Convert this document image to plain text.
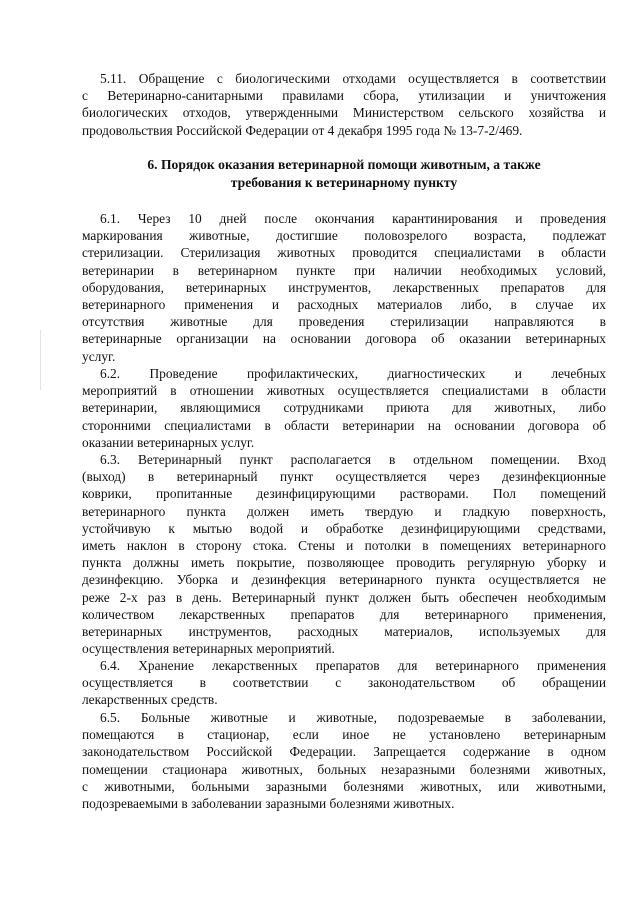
5.11. Обращение с биологическими отходами осуществляется в соответствии
с Ветеринарно-санитарными правилами сбора, утилизации и уничтожения
биологических отходов, утвержденными Министерством сельского хозяйства и
продовольствия Российской Федерации от 4 декабря 1995 года № 13-7-2/469.
6. Порядок оказания ветеринарной помощи животным, а также
требования к ветеринарному пункту
6.1. Через 10 дней после окончания карантинирования и проведения
маркирования животные, достигшие половозрелого возраста, подлежат
стерилизации. Стерилизация животных проводится специалистами в области
ветеринарии в ветеринарном пункте при наличии необходимых условий,
оборудования, ветеринарных инструментов, лекарственных препаратов для
ветеринарного применения и расходных материалов либо, в случае их
отсутствия животные для проведения стерилизации направляются в
ветеринарные организации на основании договора об оказании ветеринарных
услуг.
6.2. Проведение профилактических, диагностических и лечебных
мероприятий в отношении животных осуществляется специалистами в области
ветеринарии, являющимися сотрудниками приюта для животных, либо
сторонними специалистами в области ветеринарии на основании договора об
оказании ветеринарных услуг.
6.3. Ветеринарный пункт располагается в отдельном помещении. Вход
(выход) в ветеринарный пункт осуществляется через дезинфекционные
коврики, пропитанные дезинфицирующими растворами. Пол помещений
ветеринарного пункта должен иметь твердую и гладкую поверхность,
устойчивую к мытью водой и обработке дезинфицирующими средствами,
иметь наклон в сторону стока. Стены и потолки в помещениях ветеринарного
пункта должны иметь покрытие, позволяющее проводить регулярную уборку и
дезинфекцию. Уборка и дезинфекция ветеринарного пункта осуществляется не
реже 2-х раз в день. Ветеринарный пункт должен быть обеспечен необходимым
количеством лекарственных препаратов для ветеринарного применения,
ветеринарных инструментов, расходных материалов, используемых для
осуществления ветеринарных мероприятий.
6.4. Хранение лекарственных препаратов для ветеринарного применения
осуществляется в соответствии с законодательством об обращении
лекарственных средств.
6.5. Больные животные и животные, подозреваемые в заболевании,
помещаются в стационар, если иное не установлено ветеринарным
законодательством Российской Федерации. Запрещается содержание в одном
помещении стационара животных, больных незаразными болезнями животных,
с животными, больными заразными болезнями животных, или животными,
подозреваемыми в заболевании заразными болезнями животных.
